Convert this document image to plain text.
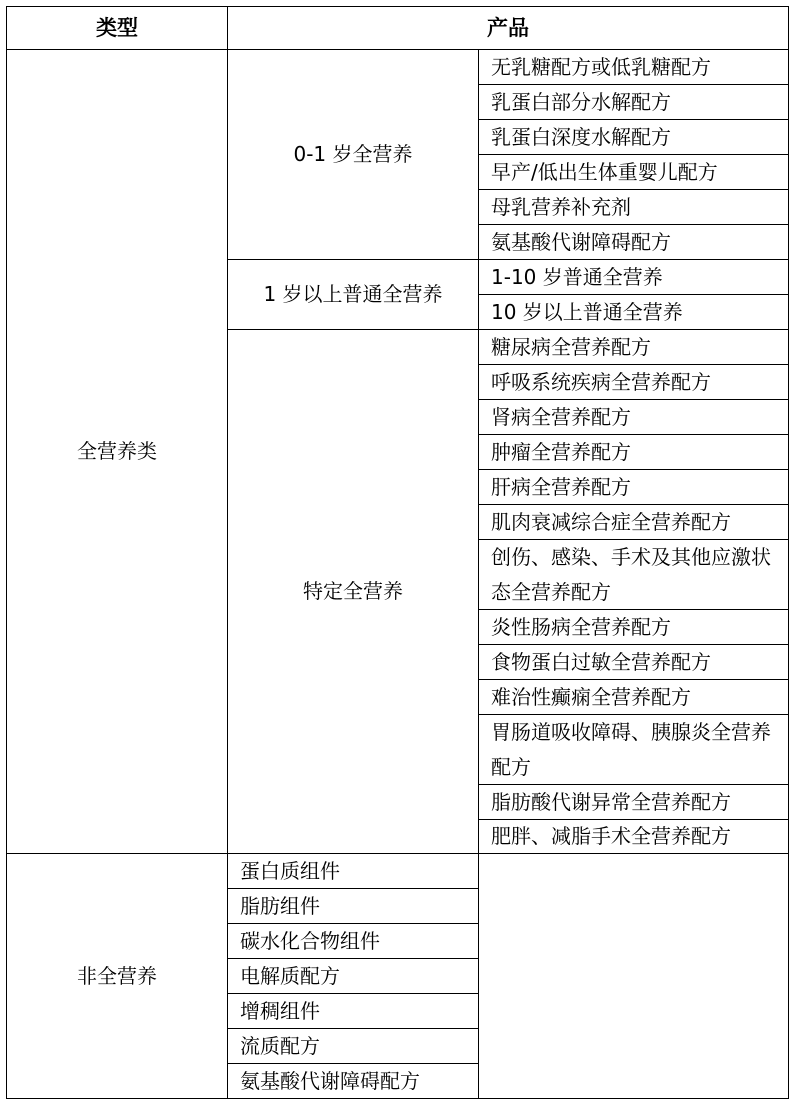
类型	产品
全营养类
非全营养
0-1 岁全营养
1 岁以上普通全营养
特定全营养
无乳糖配方或低乳糖配方
乳蛋白部分水解配方
乳蛋白深度水解配方
早产/低出生体重婴儿配方
母乳营养补充剂
氨基酸代谢障碍配方
1-10 岁普通全营养
10 岁以上普通全营养
糖尿病全营养配方
呼吸系统疾病全营养配方
肾病全营养配方
肿瘤全营养配方
肝病全营养配方
肌肉衰减综合症全营养配方
创伤、感染、手术及其他应激状态全营养配方
炎性肠病全营养配方
食物蛋白过敏全营养配方
难治性癫痫全营养配方
胃肠道吸收障碍、胰腺炎全营养配方
脂肪酸代谢异常全营养配方
肥胖、减脂手术全营养配方
蛋白质组件
脂肪组件
碳水化合物组件
电解质配方
增稠组件
流质配方
氨基酸代谢障碍配方
